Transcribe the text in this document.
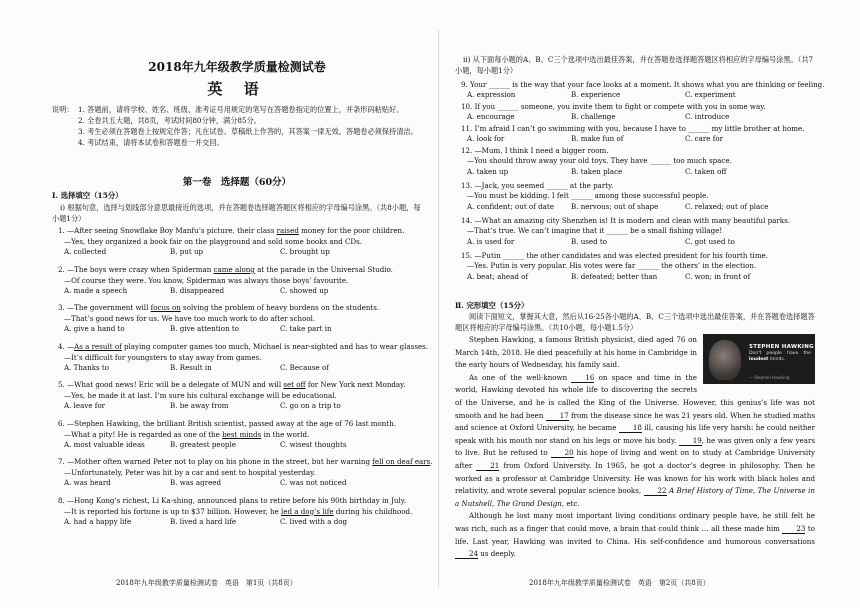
2018年九年级教学质量检测试卷
英 语
说明： 1. 答题前，请将学校、姓名、班级、准考证号用规定的笔写在答题卷指定的位置上，并条形码粘贴好。
2. 全卷共五大题，共8页，考试时间80分钟，满分85分。
3. 考生必须在答题卷上按规定作答；凡在试卷、草稿纸上作答的，其答案一律无效。答题卷必须保持清洁。
4. 考试结束，请将本试卷和答题卷一并交回。
第一卷　选择题（60分）
Ⅰ. 选择填空（15分）
ⅰ) 根据句意，选择与划线部分意思最接近的选项，并在答题卷选择题答题区将相应的字母编号涂黑。（共8小题，每小题1分）
1. —After seeing Snowflake Boy Manfu’s picture, their class raised money for the poor children.
—Yes, they organized a book fair on the playground and sold some books and CDs.
A. collected	B. put up	C. brought up
2. —The boys were crazy when Spiderman came along at the parade in the Universal Studio.
—Of course they were. You know, Spiderman was always those boys’ favourite.
A. made a speech	B. disappeared	C. showed up
3. —The government will focus on solving the problem of heavy burdens on the students.
—That’s good news for us. We have too much work to do after school.
A. give a hand to	B. give attention to	C. take part in
4. —As a result of playing computer games too much, Michael is near-sighted and has to wear glasses.
—It’s difficult for youngsters to stay away from games.
A. Thanks to	B. Result in	C. Because of
5. —What good news! Eric will be a delegate of MUN and will set off for New York next Monday.
—Yes, he made it at last. I’m sure his cultural exchange will be educational.
A. leave for	B. be away from	C. go on a trip to
6. —Stephen Hawking, the brilliant British scientist, passed away at the age of 76 last month.
—What a pity! He is regarded as one of the best minds in the world.
A. most valuable ideas	B. greatest people	C. wisest thoughts
7. —Mother often warned Peter not to play on his phone in the street, but her warning fell on deaf ears.
—Unfortunately, Peter was hit by a car and sent to hospital yesterday.
A. was heard	B. was agreed	C. was not noticed
8. —Hong Kong’s richest, Li Ka-shing, announced plans to retire before his 90th birthday in July.
—It is reported his fortune is up to $37 billion. However, he led a dog’s life during his childhood.
A. had a happy life	B. lived a hard life	C. lived with a dog
2018年九年级教学质量检测试卷　英语　第1页（共8页）
ⅱ) 从下面每小题的A、B、C三个选项中选出最佳答案，并在答题卷选择题答题区将相应的字母编号涂黑。（共7小题，每小题1分）
9. Your ______ is the way that your face looks at a moment. It shows what you are thinking or feeling.
A. expression	B. experience	C. experiment
10. If you ______ someone, you invite them to fight or compete with you in some way.
A. encourage	B. challenge	C. introduce
11. I’m afraid I can’t go swimming with you, because I have to ______ my little brother at home.
A. look for	B. make fun of	C. care for
12. —Mum, I think I need a bigger room.
—You should throw away your old toys. They have ______ too much space.
A. taken up	B. taken place	C. taken off
13. —Jack, you seemed ______ at the party.
—You must be kidding. I felt ______ among those successful people.
A. confident; out of date B. nervous; out of shape	C. relaxed; out of place
14. —What an amazing city Shenzhen is! It is modern and clean with many beautiful parks.
—That’s true. We can’t imagine that it ______ be a small fishing village!
A. is used for	B. used to	C. got used to
15. —Putin ______ the other candidates and was elected president for his fourth time.
—Yes. Putin is very popular. His votes were far ______ the others’ in the election.
A. beat; ahead of	B. defeated; better than	C. won; in front of
Ⅱ. 完形填空（15分）
阅读下面短文，掌握其大意，然后从16-25各小题的A、B、C三个选项中选出最佳答案，并在答题卷选择题答题区将相应的字母编号涂黑。（共10小题，每小题1.5分）
STEPHEN HAWKING
Don't people have the loudest minds.
— Stephen Hawking

Stephen Hawking, a famous British physicist, died aged 76 on March 14th, 2018. He died peacefully at his home in Cambridge in the early hours of Wednesday, his family said.

As one of the well-known 16 on space and time in the world, Hawking devoted his whole life to discovering the secrets of the Universe, and he is called the King of the Universe. However, this genius’s life was not smooth and he had been 17 from the disease since he was 21 years old. When he studied maths and science at Oxford University, he became 18 ill, causing his life very harsh: he could neither speak with his mouth nor stand on his legs or move his body. 19, he was given only a few years to live. But he refused to 20 his hope of living and went on to study at Cambridge University after 21 from Oxford University. In 1965, he got a doctor’s degree in philosophy. Then he worked as a professor at Cambridge University. He was known for his work with black holes and relativity, and wrote several popular science books, 22 A Brief History of Time, The Universe in a Nutshell, The Grand Design, etc.

Although he lost many most important living conditions ordinary people have, he still felt he was rich, such as a finger that could move, a brain that could think … all these made him 23 to life. Last year, Hawking was invited to China. His self-confidence and humorous conversations 24 us deeply.

2018年九年级教学质量检测试卷　英语　第2页（共8页）
